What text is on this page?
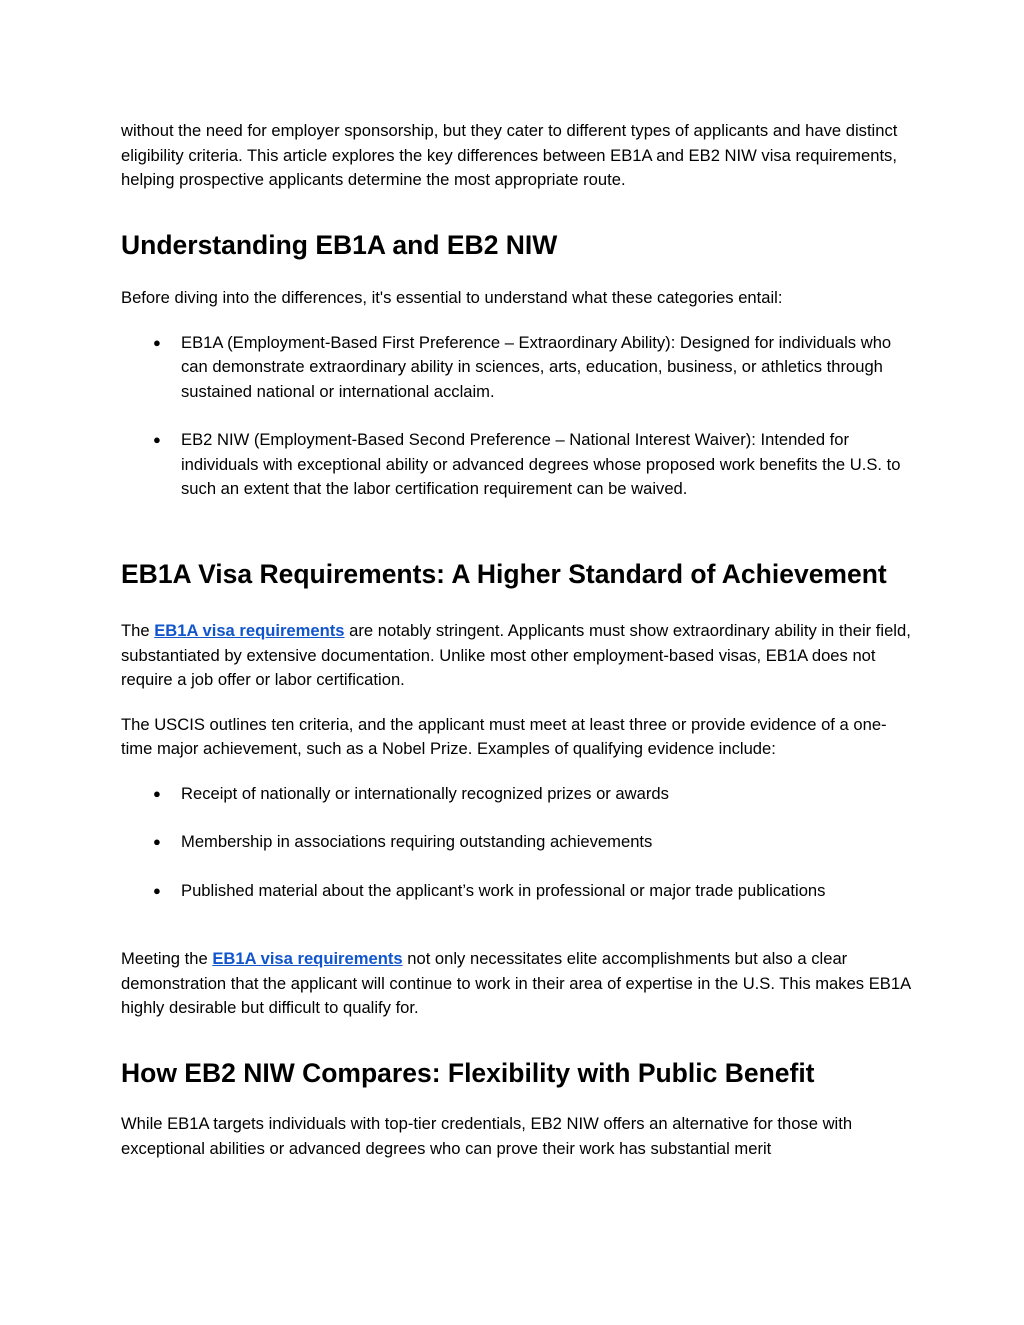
without the need for employer sponsorship, but they cater to different types of applicants and have distinct eligibility criteria. This article explores the key differences between EB1A and EB2 NIW visa requirements, helping prospective applicants determine the most appropriate route.

Understanding EB1A and EB2 NIW

Before diving into the differences, it's essential to understand what these categories entail:

● EB1A (Employment-Based First Preference – Extraordinary Ability): Designed for individuals who can demonstrate extraordinary ability in sciences, arts, education, business, or athletics through sustained national or international acclaim.
● EB2 NIW (Employment-Based Second Preference – National Interest Waiver): Intended for individuals with exceptional ability or advanced degrees whose proposed work benefits the U.S. to such an extent that the labor certification requirement can be waived.
EB1A Visa Requirements: A Higher Standard of Achievement

The EB1A visa requirements are notably stringent. Applicants must show extraordinary ability in their field, substantiated by extensive documentation. Unlike most other employment-based visas, EB1A does not require a job offer or labor certification.

The USCIS outlines ten criteria, and the applicant must meet at least three or provide evidence of a one-time major achievement, such as a Nobel Prize. Examples of qualifying evidence include:

● Receipt of nationally or internationally recognized prizes or awards
● Membership in associations requiring outstanding achievements
● Published material about the applicant’s work in professional or major trade publications

Meeting the EB1A visa requirements not only necessitates elite accomplishments but also a clear demonstration that the applicant will continue to work in their area of expertise in the U.S. This makes EB1A highly desirable but difficult to qualify for.

How EB2 NIW Compares: Flexibility with Public Benefit

While EB1A targets individuals with top-tier credentials, EB2 NIW offers an alternative for those with exceptional abilities or advanced degrees who can prove their work has substantial merit
